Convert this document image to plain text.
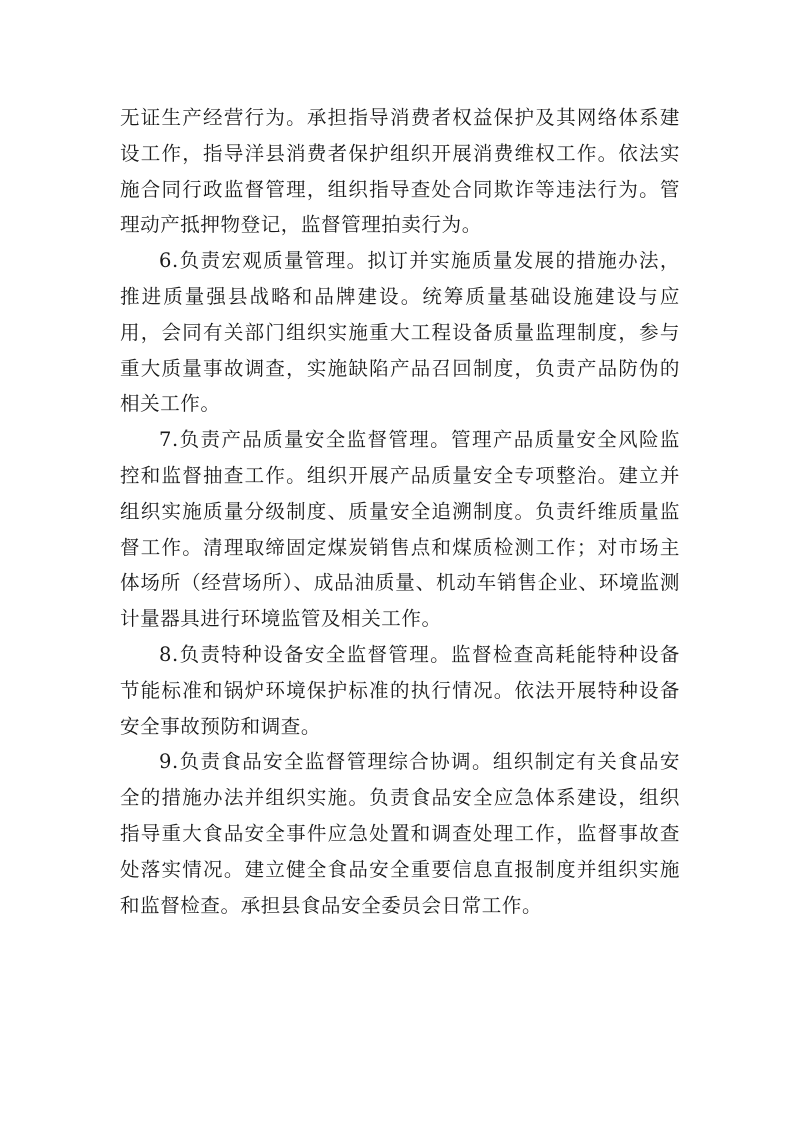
无证生产经营行为。承担指导消费者权益保护及其网络体系建设工作，指导洋县消费者保护组织开展消费维权工作。依法实施合同行政监督管理，组织指导查处合同欺诈等违法行为。管理动产抵押物登记，监督管理拍卖行为。

6.负责宏观质量管理。拟订并实施质量发展的措施办法，推进质量强县战略和品牌建设。统筹质量基础设施建设与应用，会同有关部门组织实施重大工程设备质量监理制度，参与重大质量事故调查，实施缺陷产品召回制度，负责产品防伪的相关工作。

7.负责产品质量安全监督管理。管理产品质量安全风险监控和监督抽查工作。组织开展产品质量安全专项整治。建立并组织实施质量分级制度、质量安全追溯制度。负责纤维质量监督工作。清理取缔固定煤炭销售点和煤质检测工作；对市场主体场所（经营场所）、成品油质量、机动车销售企业、环境监测计量器具进行环境监管及相关工作。

8.负责特种设备安全监督管理。监督检查高耗能特种设备节能标准和锅炉环境保护标准的执行情况。依法开展特种设备安全事故预防和调查。

9.负责食品安全监督管理综合协调。组织制定有关食品安全的措施办法并组织实施。负责食品安全应急体系建设，组织指导重大食品安全事件应急处置和调查处理工作，监督事故查处落实情况。建立健全食品安全重要信息直报制度并组织实施和监督检查。承担县食品安全委员会日常工作。
